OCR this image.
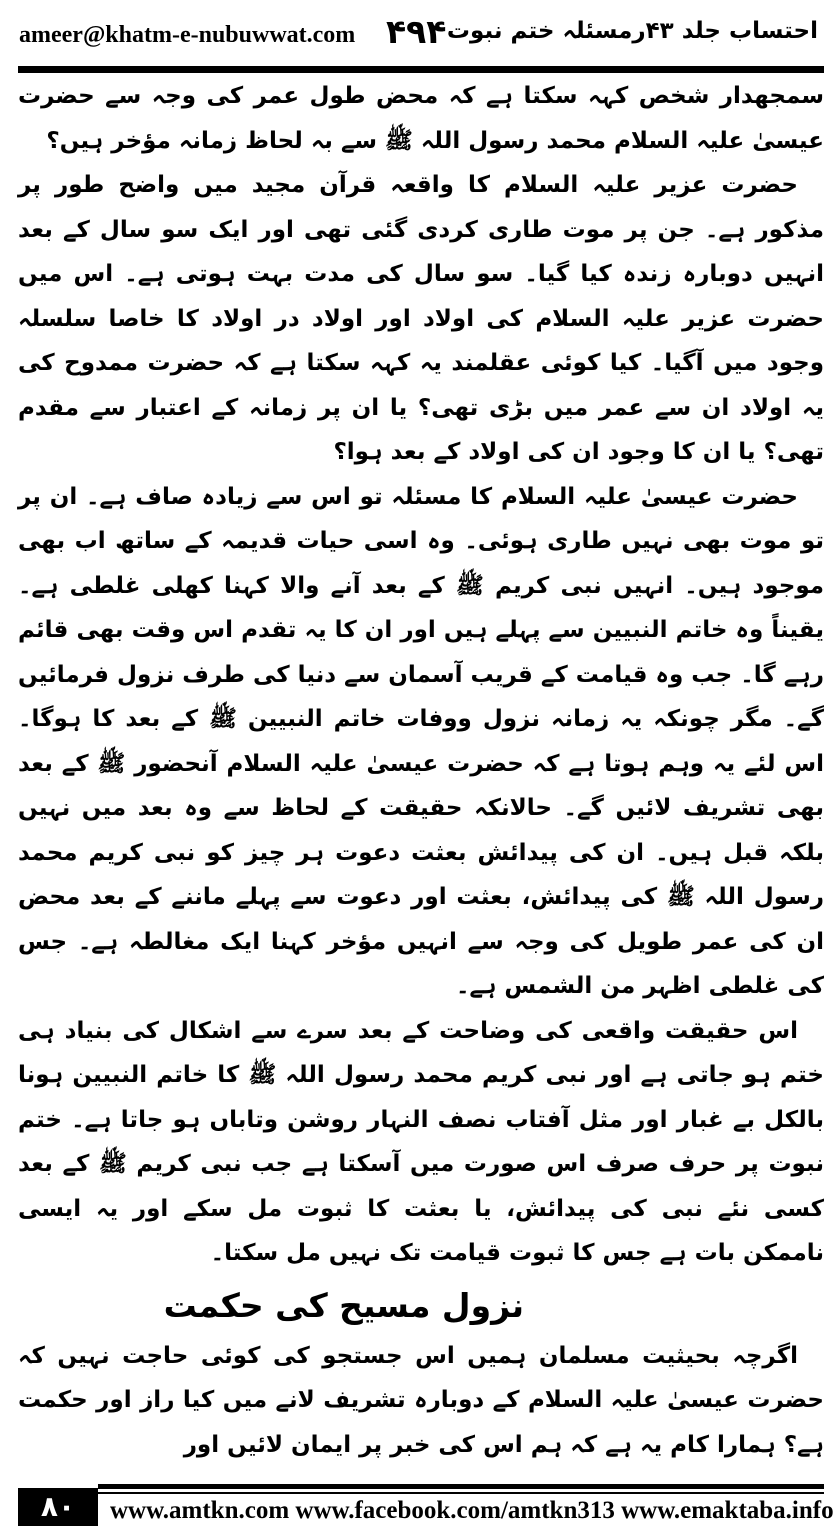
ameer@khatm-e-nubuwwat.com ۴۹۴ احتساب جلد ۴۳رمسئلہ ختم نبوت

سمجھدار شخص کہہ سکتا ہے کہ محض طول عمر کی وجہ سے حضرت عیسیٰ علیہ السلام محمد رسول اللہ ﷺ سے بہ لحاظ زمانہ مؤخر ہیں؟

حضرت عزیر علیہ السلام کا واقعہ قرآن مجید میں واضح طور پر مذکور ہے۔ جن پر موت طاری کردی گئی تھی اور ایک سو سال کے بعد انہیں دوبارہ زندہ کیا گیا۔ سو سال کی مدت بہت ہوتی ہے۔ اس میں حضرت عزیر علیہ السلام کی اولاد اور اولاد در اولاد کا خاصا سلسلہ وجود میں آگیا۔ کیا کوئی عقلمند یہ کہہ سکتا ہے کہ حضرت ممدوح کی یہ اولاد ان سے عمر میں بڑی تھی؟ یا ان پر زمانہ کے اعتبار سے مقدم تھی؟ یا ان کا وجود ان کی اولاد کے بعد ہوا؟

حضرت عیسیٰ علیہ السلام کا مسئلہ تو اس سے زیادہ صاف ہے۔ ان پر تو موت بھی نہیں طاری ہوئی۔ وہ اسی حیات قدیمہ کے ساتھ اب بھی موجود ہیں۔ انہیں نبی کریم ﷺ کے بعد آنے والا کہنا کھلی غلطی ہے۔ یقیناً وہ خاتم النبیین سے پہلے ہیں اور ان کا یہ تقدم اس وقت بھی قائم رہے گا۔ جب وہ قیامت کے قریب آسمان سے دنیا کی طرف نزول فرمائیں گے۔ مگر چونکہ یہ زمانہ نزول ووفات خاتم النبیین ﷺ کے بعد کا ہوگا۔ اس لئے یہ وہم ہوتا ہے کہ حضرت عیسیٰ علیہ السلام آنحضور ﷺ کے بعد بھی تشریف لائیں گے۔ حالانکہ حقیقت کے لحاظ سے وہ بعد میں نہیں بلکہ قبل ہیں۔ ان کی پیدائش بعثت دعوت ہر چیز کو نبی کریم محمد رسول اللہ ﷺ کی پیدائش، بعثت اور دعوت سے پہلے ماننے کے بعد محض ان کی عمر طویل کی وجہ سے انہیں مؤخر کہنا ایک مغالطہ ہے۔ جس کی غلطی اظہر من الشمس ہے۔

اس حقیقت واقعی کی وضاحت کے بعد سرے سے اشکال کی بنیاد ہی ختم ہو جاتی ہے اور نبی کریم محمد رسول اللہ ﷺ کا خاتم النبیین ہونا بالکل بے غبار اور مثل آفتاب نصف النہار روشن وتاباں ہو جاتا ہے۔ ختم نبوت پر حرف صرف اس صورت میں آسکتا ہے جب نبی کریم ﷺ کے بعد کسی نئے نبی کی پیدائش، یا بعثت کا ثبوت مل سکے اور یہ ایسی ناممکن بات ہے جس کا ثبوت قیامت تک نہیں مل سکتا۔

نزول مسیح کی حکمت

اگرچہ بحیثیت مسلمان ہمیں اس جستجو کی کوئی حاجت نہیں کہ حضرت عیسیٰ علیہ السلام کے دوبارہ تشریف لانے میں کیا راز اور حکمت ہے؟ ہمارا کام یہ ہے کہ ہم اس کی خبر پر ایمان لائیں اور

۸۰	www.amtkn.com www.facebook.com/amtkn313 www.emaktaba.info
